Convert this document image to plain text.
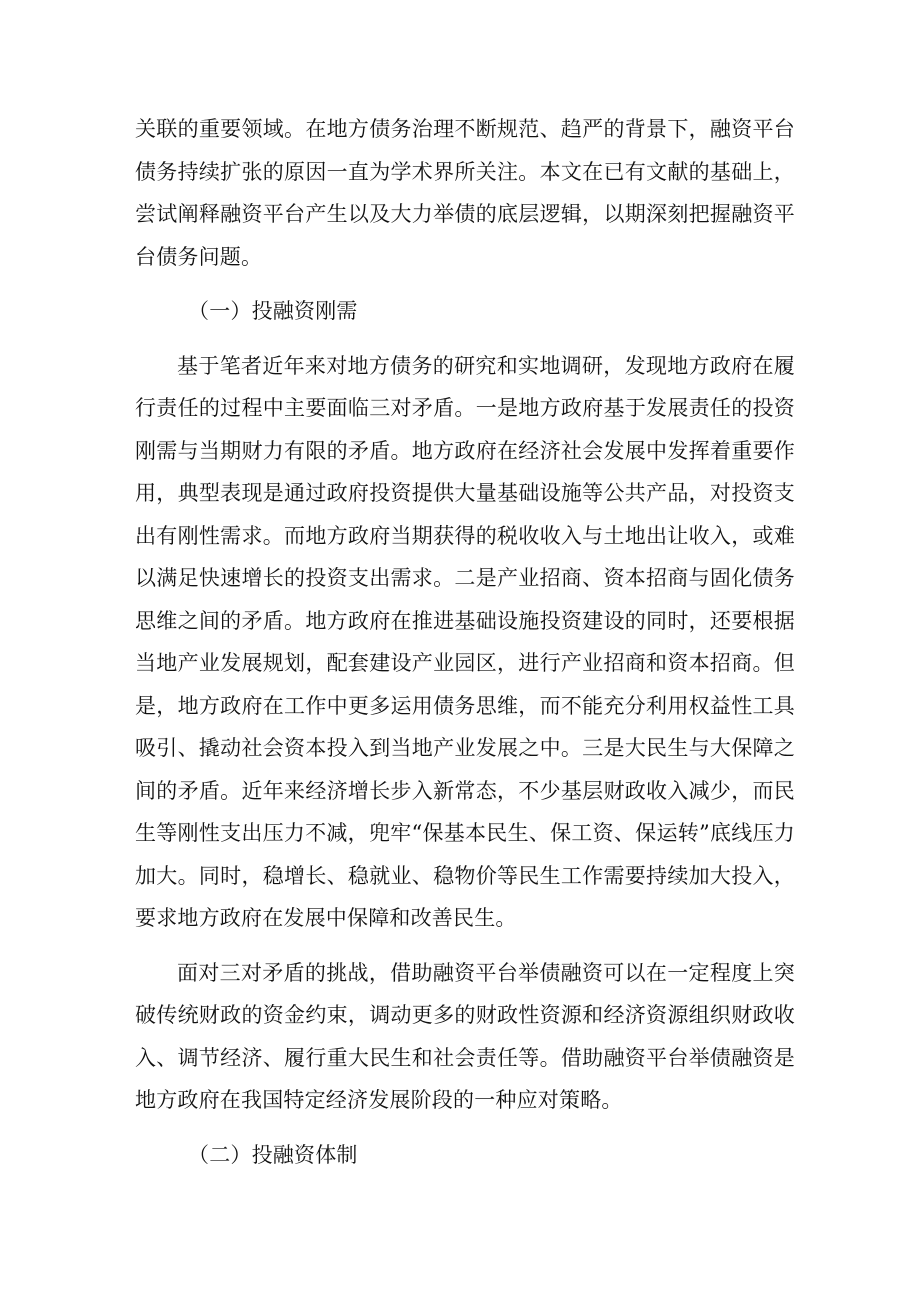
关联的重要领域。在地方债务治理不断规范、趋严的背景下，融资平台债务持续扩张的原因一直为学术界所关注。本文在已有文献的基础上，尝试阐释融资平台产生以及大力举债的底层逻辑，以期深刻把握融资平台债务问题。

（一）投融资刚需

基于笔者近年来对地方债务的研究和实地调研，发现地方政府在履行责任的过程中主要面临三对矛盾。一是地方政府基于发展责任的投资刚需与当期财力有限的矛盾。地方政府在经济社会发展中发挥着重要作用，典型表现是通过政府投资提供大量基础设施等公共产品，对投资支出有刚性需求。而地方政府当期获得的税收收入与土地出让收入，或难以满足快速增长的投资支出需求。二是产业招商、资本招商与固化债务思维之间的矛盾。地方政府在推进基础设施投资建设的同时，还要根据当地产业发展规划，配套建设产业园区，进行产业招商和资本招商。但是，地方政府在工作中更多运用债务思维，而不能充分利用权益性工具吸引、撬动社会资本投入到当地产业发展之中。三是大民生与大保障之间的矛盾。近年来经济增长步入新常态，不少基层财政收入减少，而民生等刚性支出压力不减，兜牢“保基本民生、保工资、保运转”底线压力加大。同时，稳增长、稳就业、稳物价等民生工作需要持续加大投入，要求地方政府在发展中保障和改善民生。

面对三对矛盾的挑战，借助融资平台举债融资可以在一定程度上突破传统财政的资金约束，调动更多的财政性资源和经济资源组织财政收入、调节经济、履行重大民生和社会责任等。借助融资平台举债融资是地方政府在我国特定经济发展阶段的一种应对策略。

（二）投融资体制
